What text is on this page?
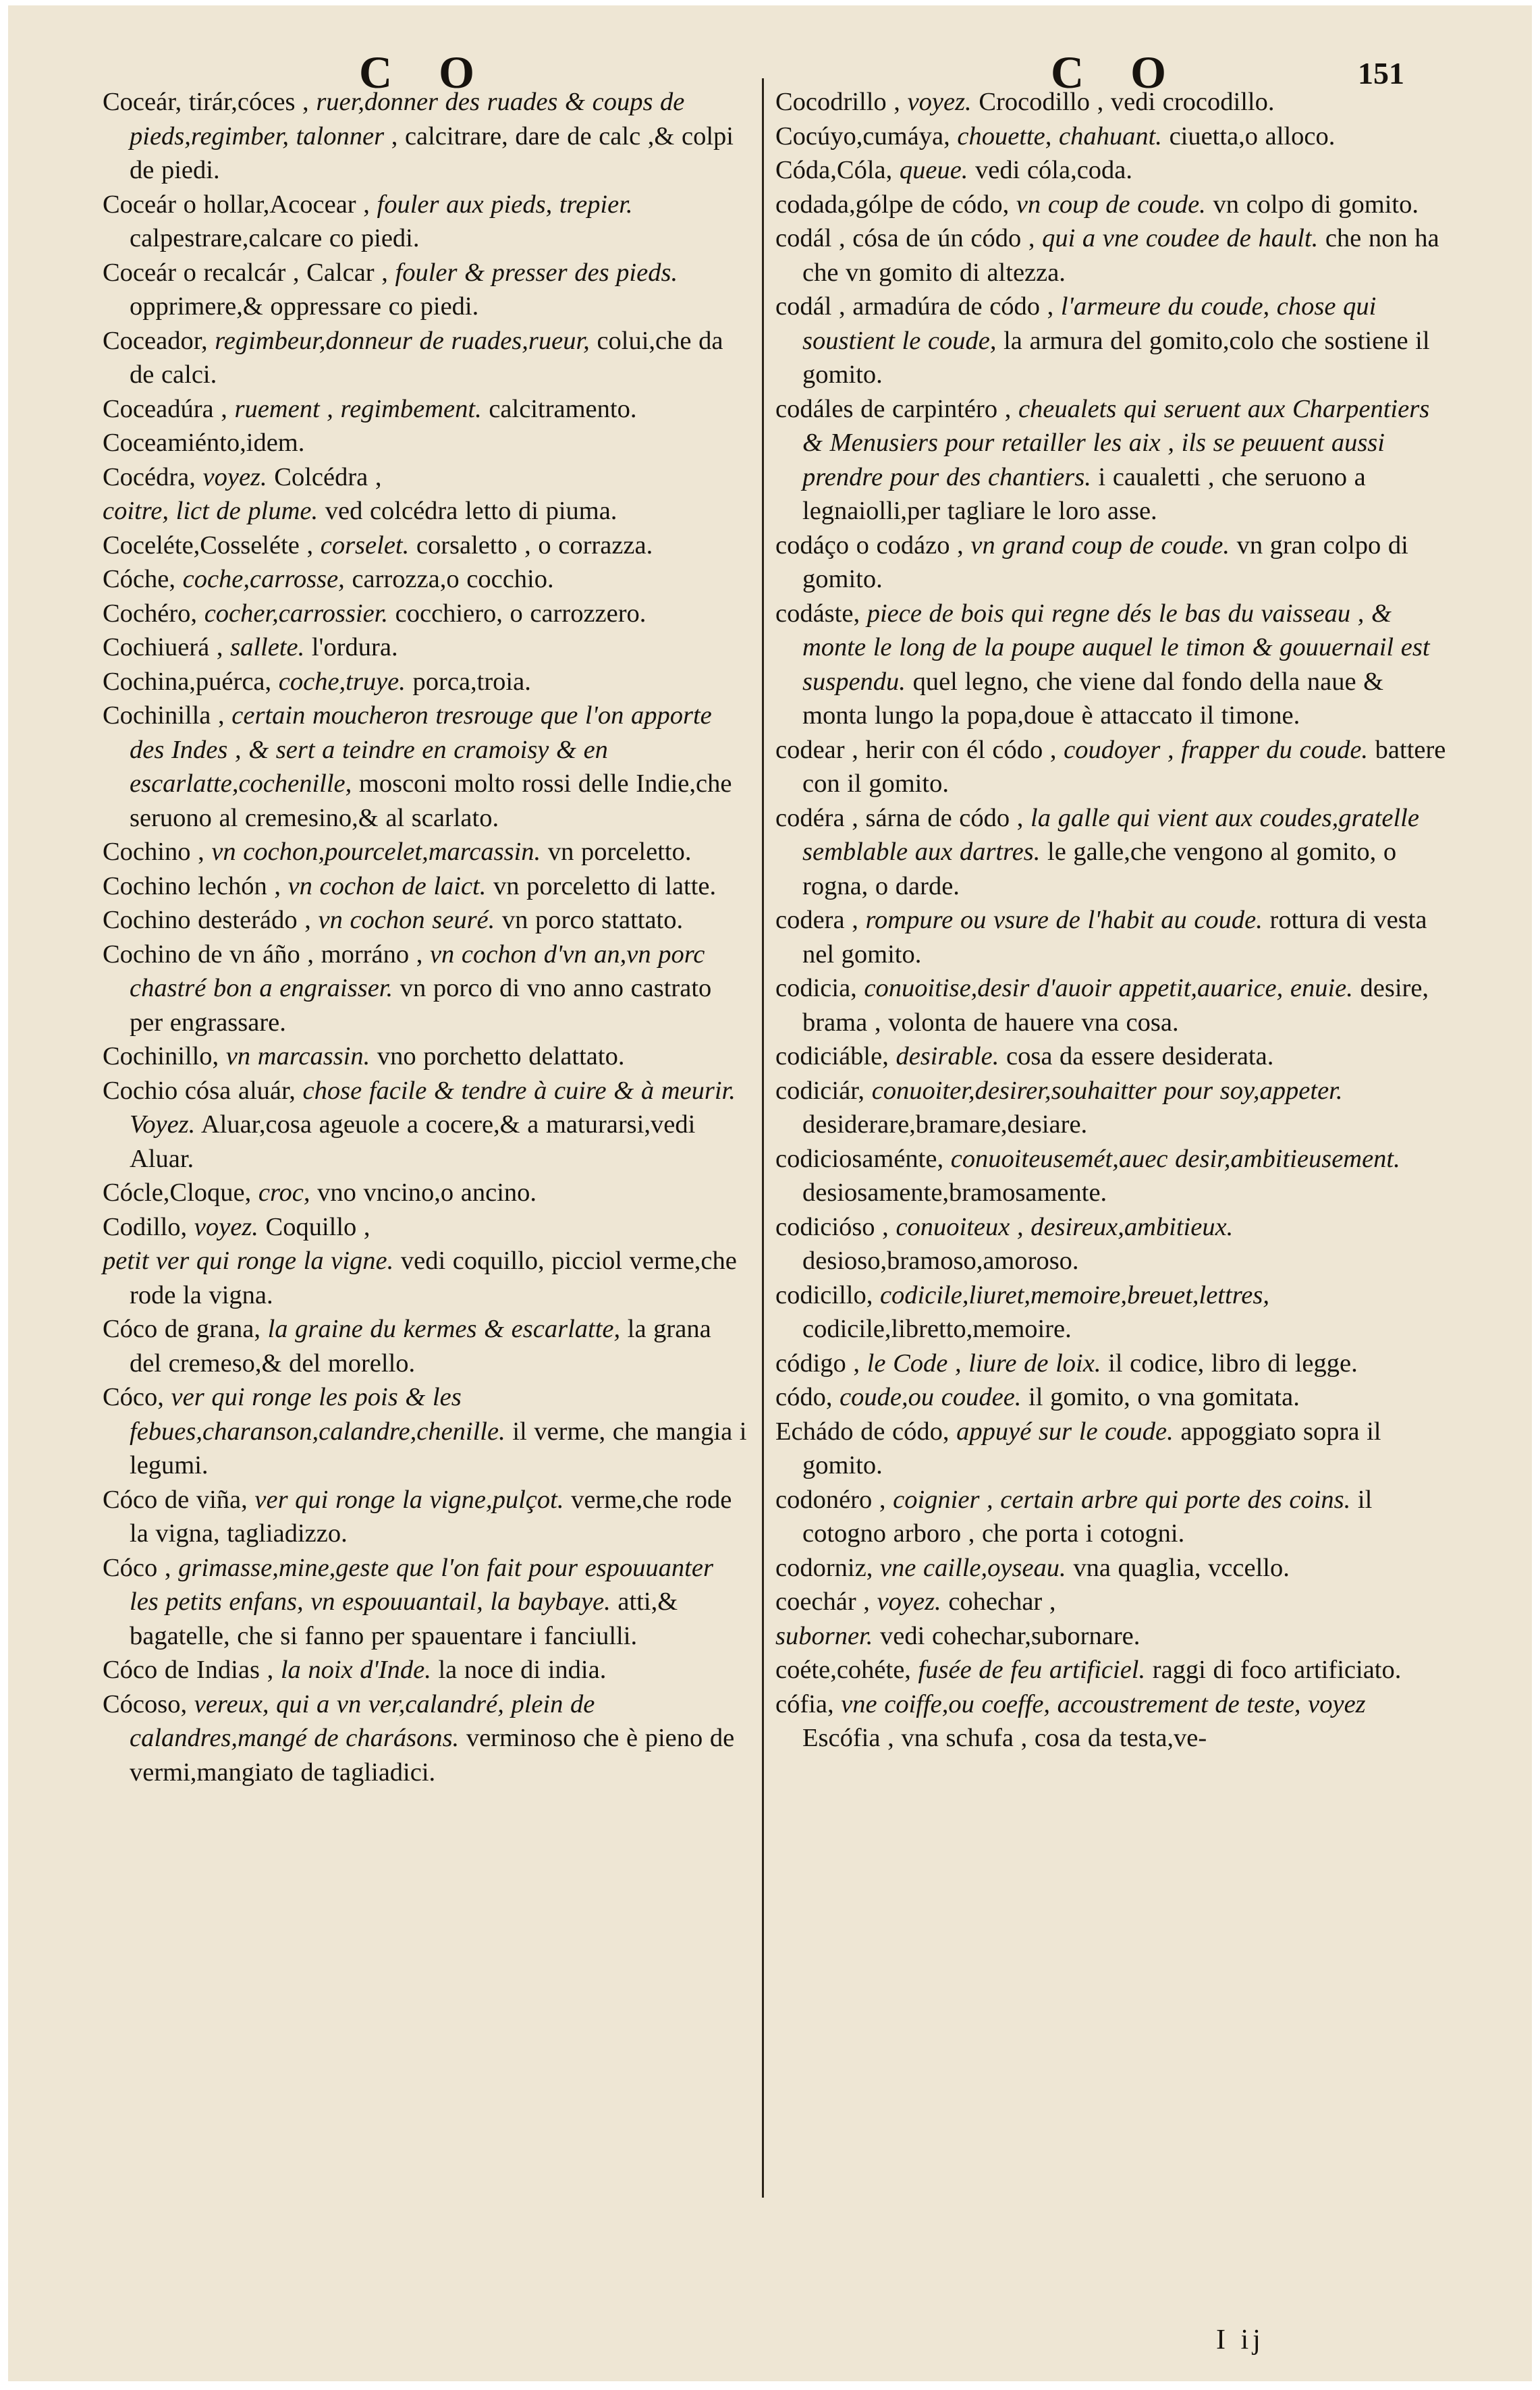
C O	C O	151

Coceár, tirár,cóces , ruer,donner des ruades & coups de pieds,regimber, talonner , calcitrare, dare de calc ,& colpi de piedi.

Coceár o hollar,Acocear , fouler aux pieds, trepier. calpestrare,calcare co piedi.

Coceár o recalcár , Calcar , fouler & presser des pieds. opprimere,& oppressare co piedi.

Coceador, regimbeur,donneur de ruades,rueur, colui,che da de calci.

Coceadúra , ruement , regimbement. calcitramento.

Coceamiénto,idem.

Cocédra, voyez. Colcédra ,

coitre, lict de plume. ved colcédra letto di piuma.

Coceléte,Cosseléte , corselet. corsaletto , o corrazza.

Cóche, coche,carrosse, carrozza,o cocchio.

Cochéro, cocher,carrossier. cocchiero, o carrozzero.

Cochiuerá , sallete. l'ordura.

Cochina,puérca, coche,truye. porca,troia.

Cochinilla , certain moucheron tresrouge que l'on apporte des Indes , & sert a teindre en cramoisy & en escarlatte,cochenille, mosconi molto rossi delle Indie,che seruono al cremesino,& al scarlato.

Cochino , vn cochon,pourcelet,marcassin. vn porceletto.

Cochino lechón , vn cochon de laict. vn porceletto di latte.

Cochino desterádo , vn cochon seuré. vn porco stattato.

Cochino de vn áño , morráno , vn cochon d'vn an,vn porc chastré bon a engraisser. vn porco di vno anno castrato per engrassare.

Cochinillo, vn marcassin. vno porchetto delattato.

Cochio cósa aluár, chose facile & tendre à cuire & à meurir. Voyez. Aluar,cosa ageuole a cocere,& a maturarsi,vedi Aluar.

Cócle,Cloque, croc, vno vncino,o ancino.

Codillo, voyez. Coquillo ,

petit ver qui ronge la vigne. vedi coquillo, picciol verme,che rode la vigna.

Cóco de grana, la graine du kermes & escarlatte, la grana del cremeso,& del morello.

Cóco, ver qui ronge les pois & les febues,charanson,calandre,chenille. il verme, che mangia i legumi.

Cóco de viña, ver qui ronge la vigne,pulçot. verme,che rode la vigna, tagliadizzo.

Cóco , grimasse,mine,geste que l'on fait pour espouuanter les petits enfans, vn espouuantail, la baybaye. atti,& bagatelle, che si fanno per spauentare i fanciulli.

Cóco de Indias , la noix d'Inde. la noce di india.

Cócoso, vereux, qui a vn ver,calandré, plein de calandres,mangé de charásons. verminoso che è pieno de vermi,mangiato de tagliadici.

Cocodrillo , voyez. Crocodillo , vedi crocodillo.

Cocúyo,cumáya, chouette, chahuant. ciuetta,o alloco.

Códa,Cóla, queue. vedi cóla,coda.

codada,gólpe de códo, vn coup de coude. vn colpo di gomito.

codál , cósa de ún códo , qui a vne coudee de hault. che non ha che vn gomito di altezza.

codál , armadúra de códo , l'armeure du coude, chose qui soustient le coude, la armura del gomito,colo che sostiene il gomito.

codáles de carpintéro , cheualets qui seruent aux Charpentiers & Menusiers pour retailler les aix , ils se peuuent aussi prendre pour des chantiers. i caualetti , che seruono a legnaiolli,per tagliare le loro asse.

codáço o codázo , vn grand coup de coude. vn gran colpo di gomito.

codáste, piece de bois qui regne dés le bas du vaisseau , & monte le long de la poupe auquel le timon & gouuernail est suspendu. quel legno, che viene dal fondo della naue & monta lungo la popa,doue è attaccato il timone.

codear , herir con él códo , coudoyer , frapper du coude. battere con il gomito.

codéra , sárna de códo , la galle qui vient aux coudes,gratelle semblable aux dartres. le galle,che vengono al gomito, o rogna, o darde.

codera , rompure ou vsure de l'habit au coude. rottura di vesta nel gomito.

codicia, conuoitise,desir d'auoir appetit,auarice, enuie. desire, brama , volonta de hauere vna cosa.

codiciáble, desirable. cosa da essere desiderata.

codiciár, conuoiter,desirer,souhaitter pour soy,appeter. desiderare,bramare,desiare.

codiciosaménte, conuoiteusemét,auec desir,ambitieusement. desiosamente,bramosamente.

codicióso , conuoiteux , desireux,ambitieux. desioso,bramoso,amoroso.

codicillo, codicile,liuret,memoire,breuet,lettres, codicile,libretto,memoire.

código , le Code , liure de loix. il codice, libro di legge.

códo, coude,ou coudee. il gomito, o vna gomitata.

Echádo de códo, appuyé sur le coude. appoggiato sopra il gomito.

codonéro , coignier , certain arbre qui porte des coins. il cotogno arboro , che porta i cotogni.

codorniz, vne caille,oyseau. vna quaglia, vccello.

coechár , voyez. cohechar ,

suborner. vedi cohechar,subornare.

coéte,cohéte, fusée de feu artificiel. raggi di foco artificiato.

cófia, vne coiffe,ou coeffe, accoustrement de teste, voyez Escófia , vna schufa , cosa da testa,ve-

I ij
